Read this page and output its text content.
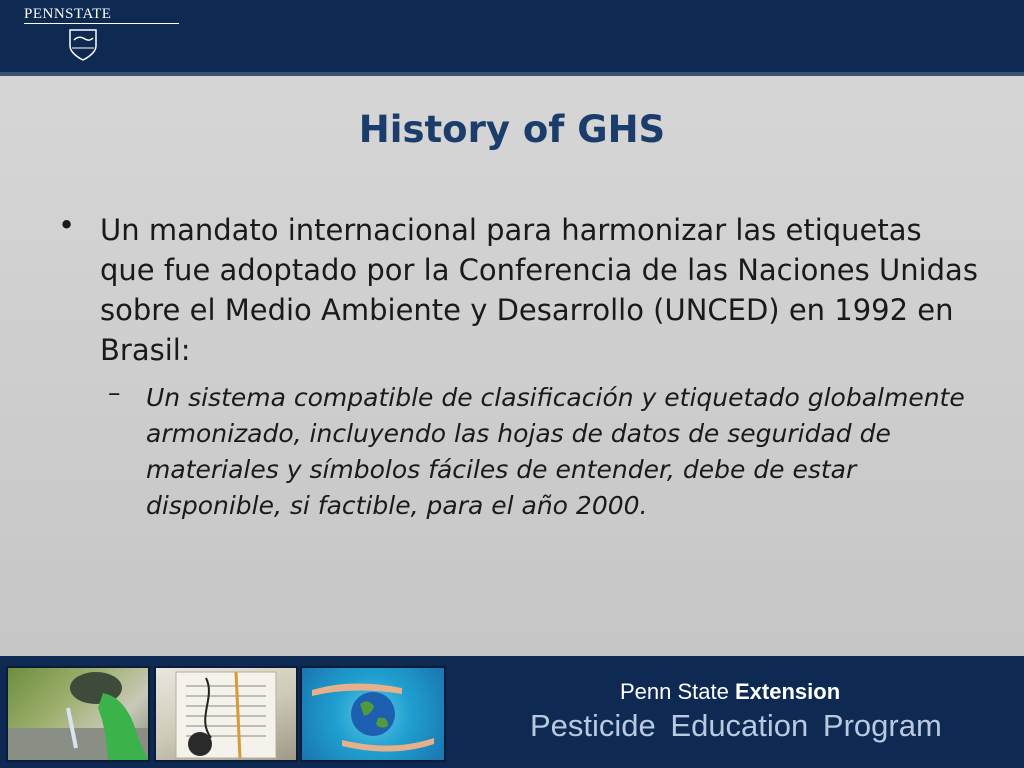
PENNSTATE
History of GHS
• Un mandato internacional para harmonizar las etiquetas que fue adoptado por la Conferencia de las Naciones Unidas sobre el Medio Ambiente y Desarrollo (UNCED) en 1992 en Brasil:
– Un sistema compatible de clasificación y etiquetado globalmente armonizado, incluyendo las hojas de datos de seguridad de materiales y símbolos fáciles de entender, debe de estar disponible, si factible, para el año 2000.
Penn State Extension
Pesticide Education Program
